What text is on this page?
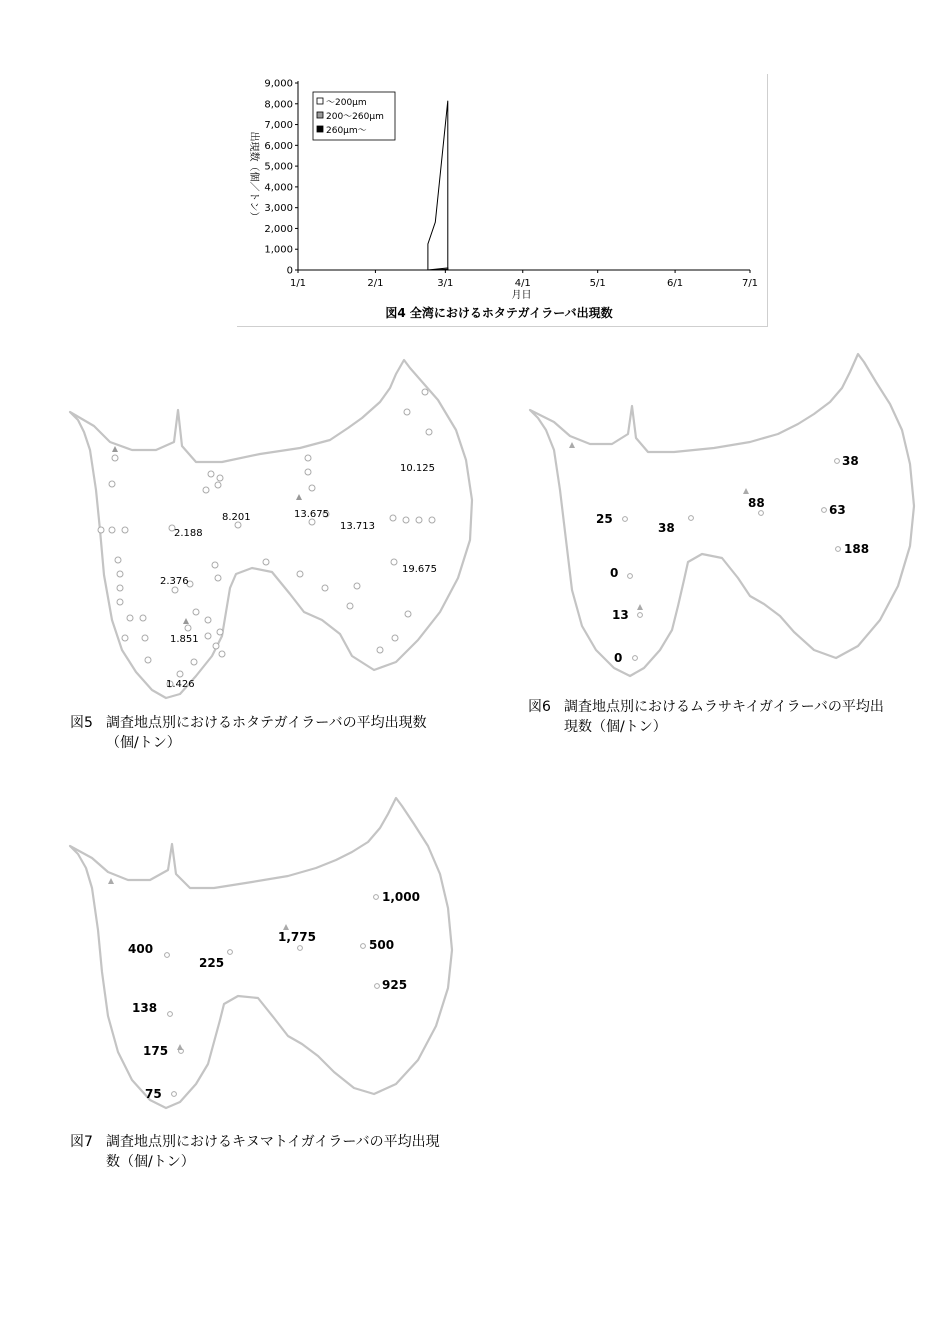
0
1,000
2,000
3,000
4,000
5,000
6,000
7,000
8,000
9,000
1/1	2/1	3/1	4/1	5/1	6/1	7/1
月日
出現数（個／トン）
～200μm
200～260μm
260μm～
図4 全湾におけるホタテガイラーバ出現数
10.125
8.201	13.675
13.713
2.188
19.675
2.376
1.851
1.426
図5 調査地点別におけるホタテガイラーバの平均出現数
（個/トン）
38
88	63
25
38
188
0
13
0
図6 調査地点別におけるムラサキイガイラーバの平均出
現数（個/トン）
1,000
1,775
500
400
225
925
138
175
75
図7 調査地点別におけるキヌマトイガイラーバの平均出現
数（個/トン）
